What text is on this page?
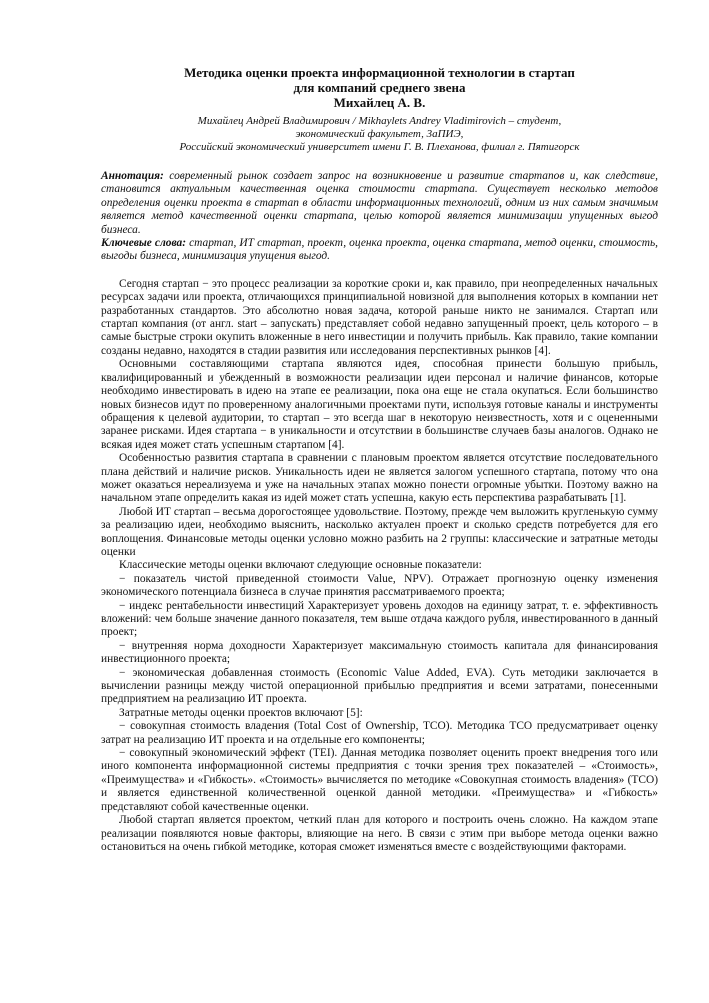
Методика оценки проекта информационной технологии в стартап

для компаний среднего звена

Михайлец А. В.

Михайлец Андрей Владимирович / Mikhaylets Andrey Vladimirovich – студент,

экономический факультет, 3аПИЭ,

Российский экономический университет имени Г. В. Плеханова, филиал г. Пятигорск

Аннотация: современный рынок создает запрос на возникновение и развитие стартапов и, как следствие, становится актуальным качественная оценка стоимости стартапа. Существует несколько методов определения оценки проекта в стартап в области информационных технологий, одним из них самым значимым является метод качественной оценки стартапа, целью которой является минимизации упущенных выгод бизнеса.

Ключевые слова: стартап, ИТ стартап, проект, оценка проекта, оценка стартапа, метод оценки, стоимость, выгоды бизнеса, минимизация упущения выгод.

Сегодня стартап − это процесс реализации за короткие сроки и, как правило, при неопределенных начальных ресурсах задачи или проекта, отличающихся принципиальной новизной для выполнения которых в компании нет разработанных стандартов. Это абсолютно новая задача, которой раньше никто не занимался. Стартап или стартап компания (от англ. start – запускать) представляет собой недавно запущенный проект, цель которого – в самые быстрые строки окупить вложенные в него инвестиции и получить прибыль. Как правило, такие компании созданы недавно, находятся в стадии развития или исследования перспективных рынков [4].

Основными составляющими стартапа являются идея, способная принести большую прибыль, квалифицированный и убежденный в возможности реализации идеи персонал и наличие финансов, которые необходимо инвестировать в идею на этапе ее реализации, пока она еще не стала окупаться. Если большинство новых бизнесов идут по проверенному аналогичными проектами пути, используя готовые каналы и инструменты обращения к целевой аудитории, то стартап – это всегда шаг в некоторую неизвестность, хотя и с оцененными заранее рисками. Идея стартапа − в уникальности и отсутствии в большинстве случаев базы аналогов. Однако не всякая идея может стать успешным стартапом [4].

Особенностью развития стартапа в сравнении с плановым проектом является отсутствие последовательного плана действий и наличие рисков. Уникальность идеи не является залогом успешного стартапа, потому что она может оказаться нереализуема и уже на начальных этапах можно понести огромные убытки. Поэтому важно на начальном этапе определить какая из идей может стать успешна, какую есть перспектива разрабатывать [1].

Любой ИТ стартап – весьма дорогостоящее удовольствие. Поэтому, прежде чем выложить кругленькую сумму за реализацию идеи, необходимо выяснить, насколько актуален проект и сколько средств потребуется для его воплощения. Финансовые методы оценки условно можно разбить на 2 группы: классические и затратные методы оценки

Классические методы оценки включают следующие основные показатели:

− показатель чистой приведенной стоимости Value, NPV). Отражает прогнозную оценку изменения экономического потенциала бизнеса в случае принятия рассматриваемого проекта;

− индекс рентабельности инвестиций Характеризует уровень доходов на единицу затрат, т. е. эффективность вложений: чем больше значение данного показателя, тем выше отдача каждого рубля, инвестированного в данный проект;

− внутренняя норма доходности Характеризует максимальную стоимость капитала для финансирования инвестиционного проекта;

− экономическая добавленная стоимость (Economic Value Added, EVA). Суть методики заключается в вычислении разницы между чистой операционной прибылью предприятия и всеми затратами, понесенными предприятием на реализацию ИТ проекта.

Затратные методы оценки проектов включают [5]:

− совокупная стоимость владения (Total Cost of Ownership, TCO). Методика TCO предусматривает оценку затрат на реализацию ИТ проекта и на отдельные его компоненты;

− совокупный экономический эффект (TEI). Данная методика позволяет оценить проект внедрения того или иного компонента информационной системы предприятия с точки зрения трех показателей – «Стоимость», «Преимущества» и «Гибкость». «Стоимость» вычисляется по методике «Совокупная стоимость владения» (TCO) и является единственной количественной оценкой данной методики. «Преимущества» и «Гибкость» представляют собой качественные оценки.

Любой стартап является проектом, четкий план для которого и построить очень сложно. На каждом этапе реализации появляются новые факторы, влияющие на него. В связи с этим при выборе метода оценки важно остановиться на очень гибкой методике, которая сможет изменяться вместе с воздействующими факторами.
